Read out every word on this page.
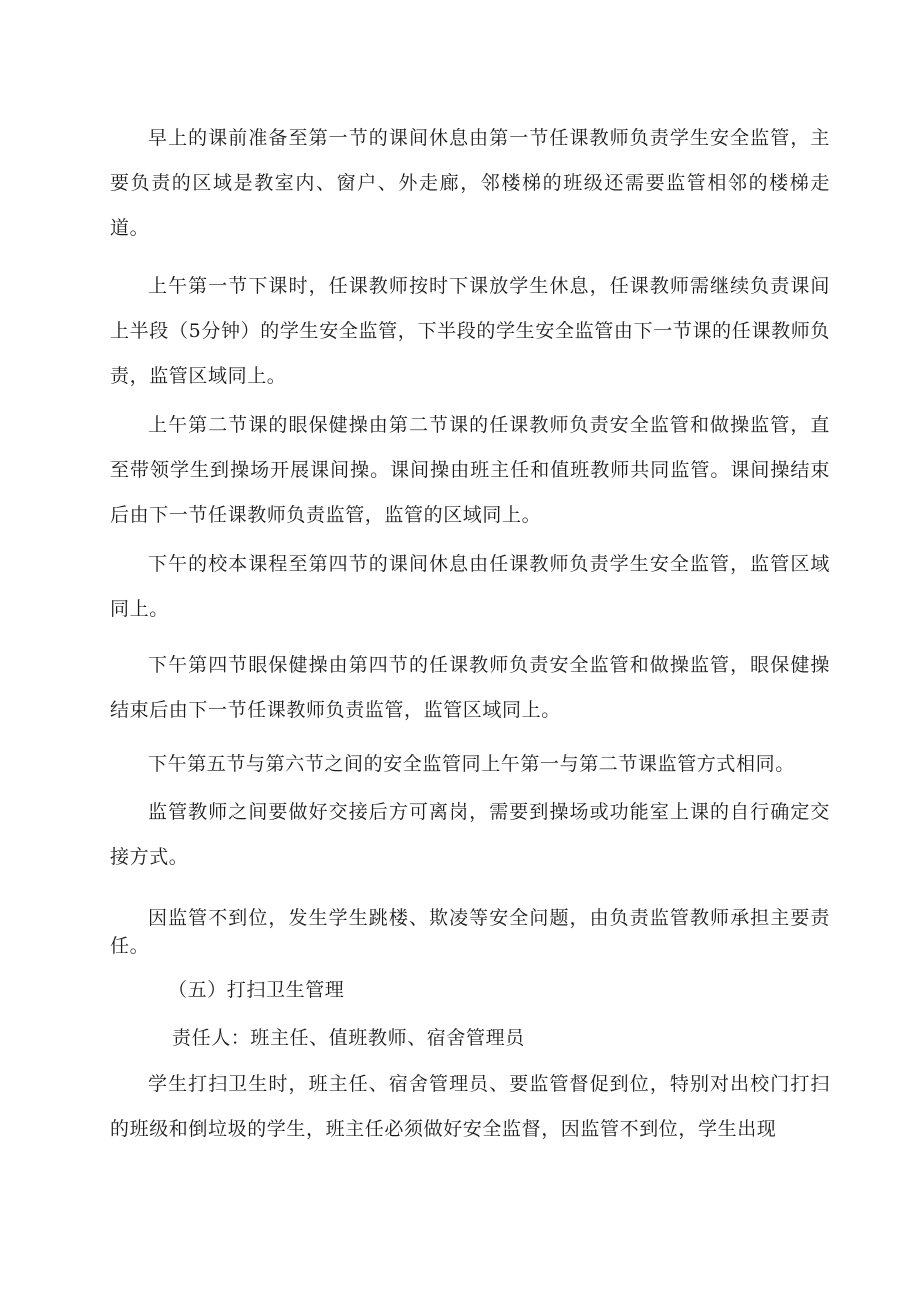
早上的课前准备至第一节的课间休息由第一节任课教师负责学生安全监管，主要负责的区域是教室内、窗户、外走廊，邻楼梯的班级还需要监管相邻的楼梯走道。

上午第一节下课时，任课教师按时下课放学生休息，任课教师需继续负责课间上半段（5分钟）的学生安全监管，下半段的学生安全监管由下一节课的任课教师负责，监管区域同上。

上午第二节课的眼保健操由第二节课的任课教师负责安全监管和做操监管，直至带领学生到操场开展课间操。课间操由班主任和值班教师共同监管。课间操结束后由下一节任课教师负责监管，监管的区域同上。

下午的校本课程至第四节的课间休息由任课教师负责学生安全监管，监管区域同上。

下午第四节眼保健操由第四节的任课教师负责安全监管和做操监管，眼保健操结束后由下一节任课教师负责监管，监管区域同上。

下午第五节与第六节之间的安全监管同上午第一与第二节课监管方式相同。

监管教师之间要做好交接后方可离岗，需要到操场或功能室上课的自行确定交接方式。

因监管不到位，发生学生跳楼、欺凌等安全问题，由负责监管教师承担主要责任。

（五）打扫卫生管理

责任人：班主任、值班教师、宿舍管理员

学生打扫卫生时，班主任、宿舍管理员、要监管督促到位，特别对出校门打扫的班级和倒垃圾的学生，班主任必须做好安全监督，因监管不到位，学生出现
